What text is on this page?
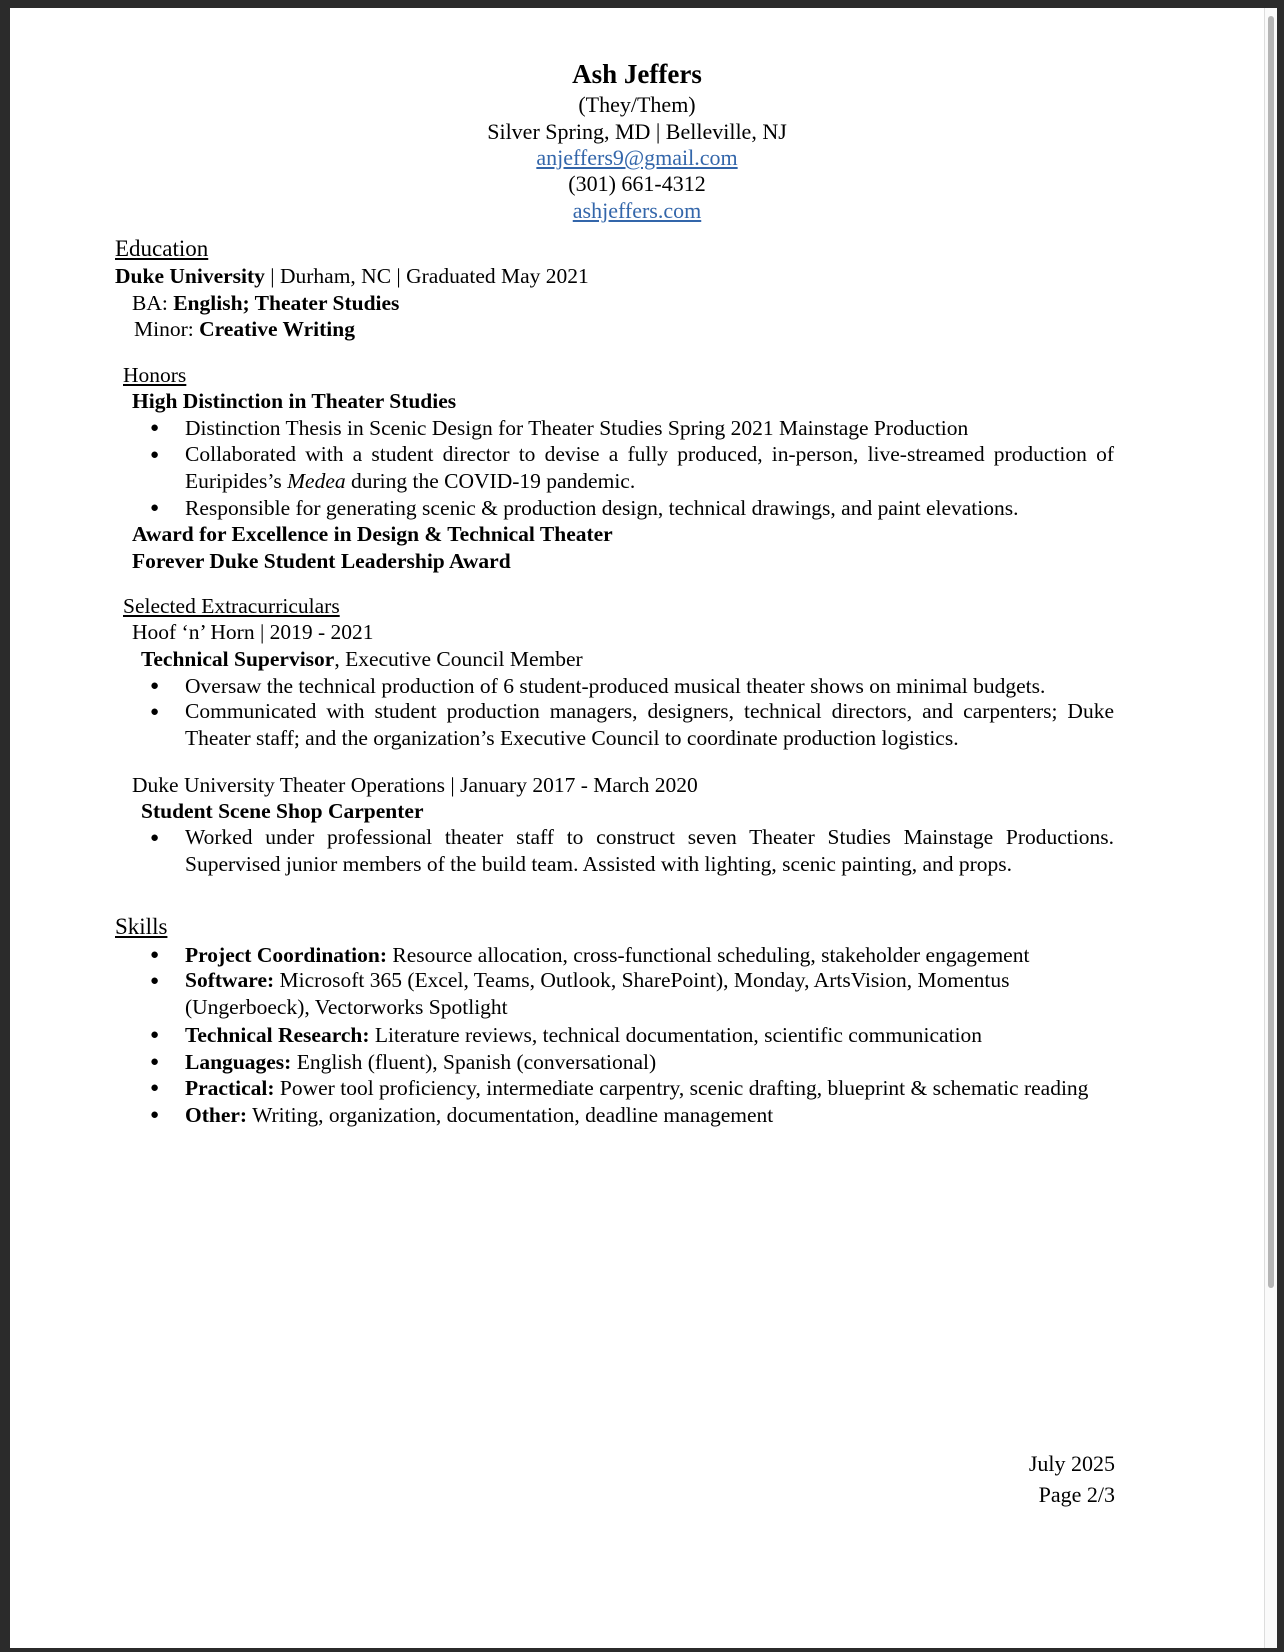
Ash Jeffers
(They/Them)
Silver Spring, MD | Belleville, NJ
anjeffers9@gmail.com
(301) 661-4312
ashjeffers.com
Education
Duke University | Durham, NC | Graduated May 2021
BA: English; Theater Studies
Minor: Creative Writing
Honors
High Distinction in Theater Studies
● Distinction Thesis in Scenic Design for Theater Studies Spring 2021 Mainstage Production
● Collaborated with a student director to devise a fully produced, in-person, live-streamed production of Euripides’s Medea during the COVID-19 pandemic.
● Responsible for generating scenic & production design, technical drawings, and paint elevations.
Award for Excellence in Design & Technical Theater
Forever Duke Student Leadership Award
Selected Extracurriculars
Hoof ‘n’ Horn | 2019 - 2021
Technical Supervisor, Executive Council Member
● Oversaw the technical production of 6 student-produced musical theater shows on minimal budgets.
● Communicated with student production managers, designers, technical directors, and carpenters; Duke Theater staff; and the organization’s Executive Council to coordinate production logistics.
Duke University Theater Operations | January 2017 - March 2020
Student Scene Shop Carpenter
● Worked under professional theater staff to construct seven Theater Studies Mainstage Productions. Supervised junior members of the build team. Assisted with lighting, scenic painting, and props.
Skills
● Project Coordination: Resource allocation, cross-functional scheduling, stakeholder engagement
● Software: Microsoft 365 (Excel, Teams, Outlook, SharePoint), Monday, ArtsVision, Momentus (Ungerboeck), Vectorworks Spotlight
● Technical Research: Literature reviews, technical documentation, scientific communication
● Languages: English (fluent), Spanish (conversational)
● Practical: Power tool proficiency, intermediate carpentry, scenic drafting, blueprint & schematic reading
● Other: Writing, organization, documentation, deadline management
July 2025
Page 2/3
